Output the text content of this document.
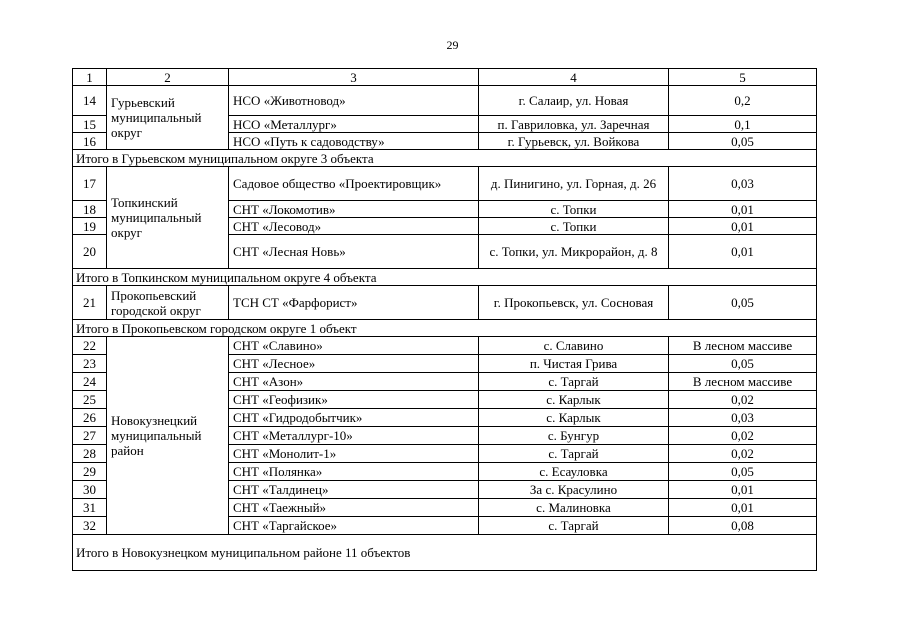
29
1	2	3	4	5
14	Гурьевский муниципальный округ	НСО «Животновод»	г. Салаир, ул. Новая	0,2
15		НСО «Металлург»	п. Гавриловка, ул. Заречная	0,1
16		НСО «Путь к садоводству»	г. Гурьевск, ул. Войкова	0,05
Итого в Гурьевском муниципальном округе 3 объекта				
17	Топкинский муниципальный округ	Садовое общество «Проектировщик»	д. Пинигино, ул. Горная, д. 26	0,03
18		СНТ «Локомотив»	с. Топки	0,01
19		СНТ «Лесовод»	с. Топки	0,01
20		СНТ «Лесная Новь»	с. Топки, ул. Микрорайон, д. 8	0,01
Итого в Топкинском муниципальном округе 4 объекта				
21	Прокопьевский городской округ	ТСН СТ «Фарфорист»	г. Прокопьевск, ул. Сосновая	0,05
Итого в Прокопьевском городском округе 1 объект				
22	Новокузнецкий муниципальный район	СНТ «Славино»	с. Славино	В лесном массиве
23		СНТ «Лесное»	п. Чистая Грива	0,05
24		СНТ «Азон»	с. Таргай	В лесном массиве
25		СНТ «Геофизик»	с. Карлык	0,02
26		СНТ «Гидродобытчик»	с. Карлык	0,03
27		СНТ «Металлург-10»	с. Бунгур	0,02
28		СНТ «Монолит-1»	с. Таргай	0,02
29		СНТ «Полянка»	с. Есауловка	0,05
30		СНТ «Талдинец»	За с. Красулино	0,01
31		СНТ «Таежный»	с. Малиновка	0,01
32		СНТ «Таргайское»	с. Таргай	0,08
Итого в Новокузнецком муниципальном районе 11 объектов				
